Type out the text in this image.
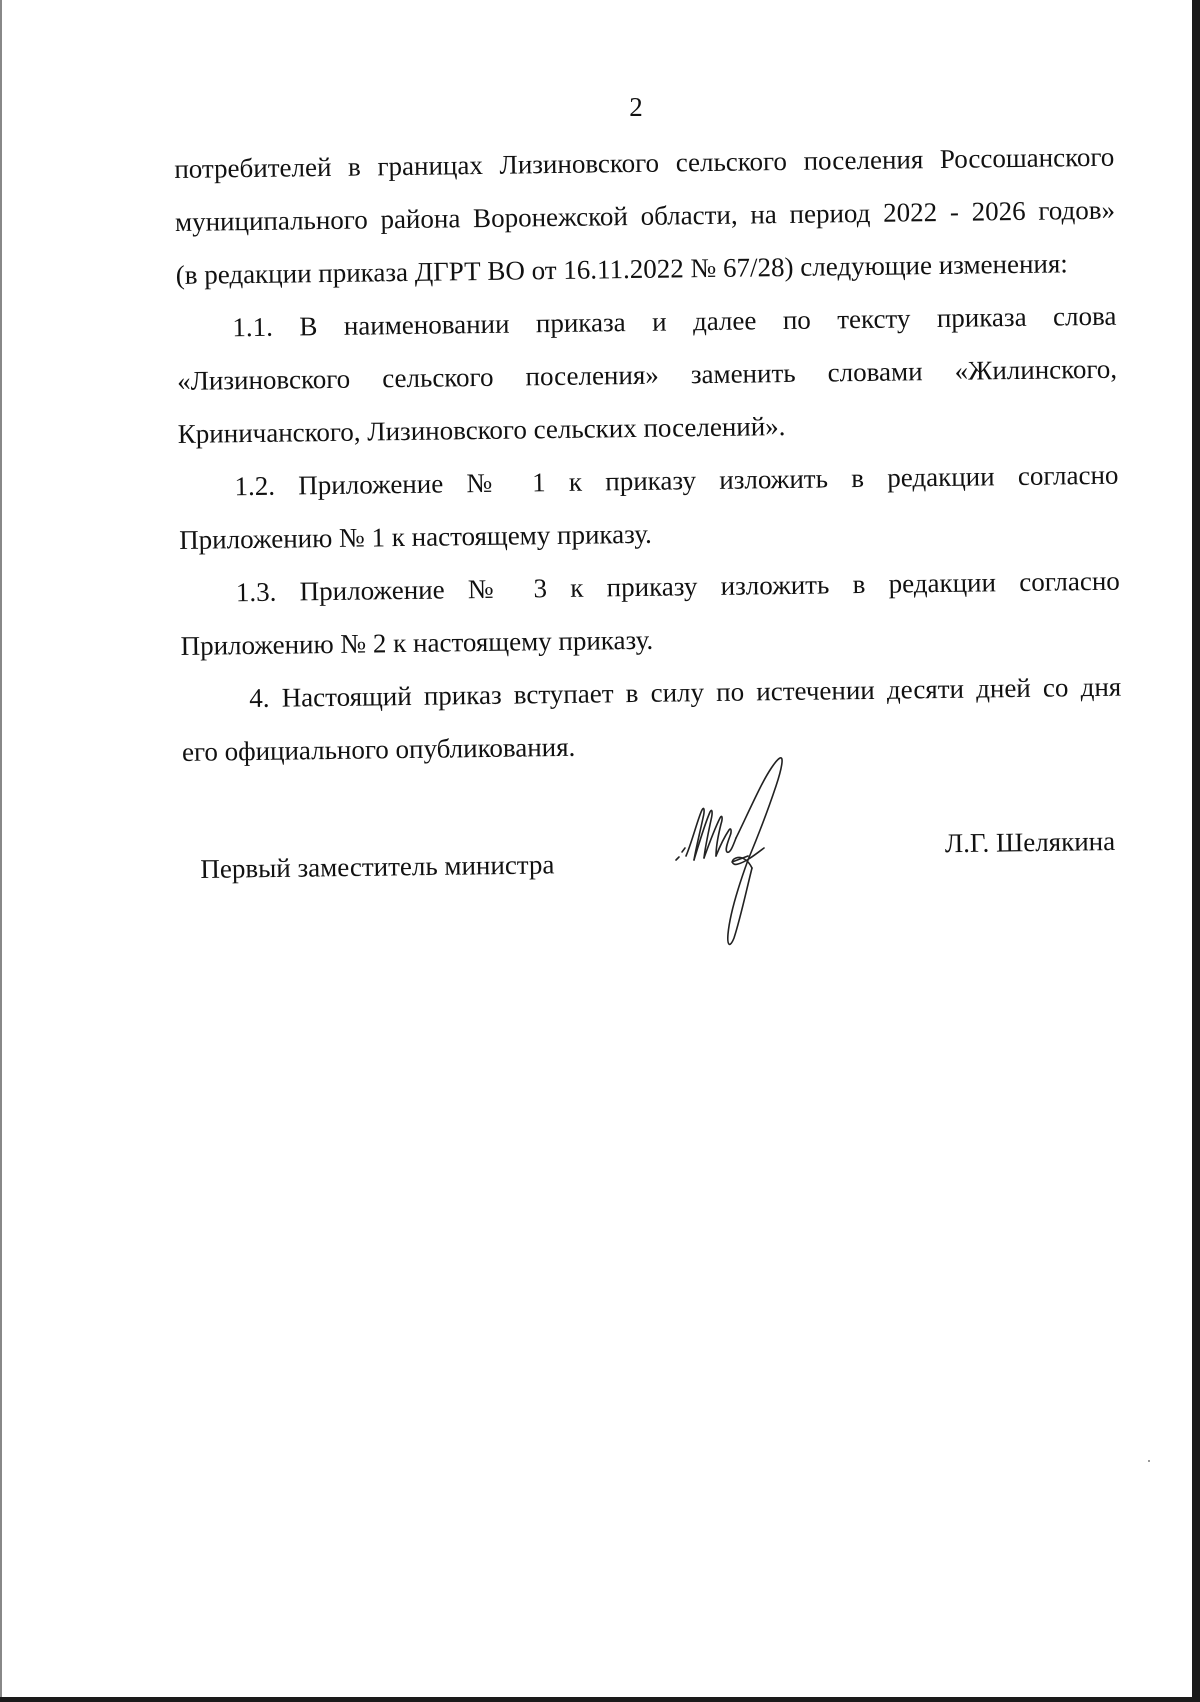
2

потребителей в границах Лизиновского сельского поселения Россошанского
муниципального района Воронежской области, на период 2022 - 2026 годов»
(в редакции приказа ДГРТ ВО от 16.11.2022 № 67/28) следующие изменения:

1.1. В наименовании приказа и далее по тексту приказа слова
«Лизиновского сельского поселения» заменить словами «Жилинского,
Криничанского, Лизиновского сельских поселений».

1.2. Приложение № 1 к приказу изложить в редакции согласно
Приложению № 1 к настоящему приказу.

1.3. Приложение № 3 к приказу изложить в редакции согласно
Приложению № 2 к настоящему приказу.

4. Настоящий приказ вступает в силу по истечении десяти дней со дня
его официального опубликования.

Первый заместитель министра
Л.Г. Шелякина
